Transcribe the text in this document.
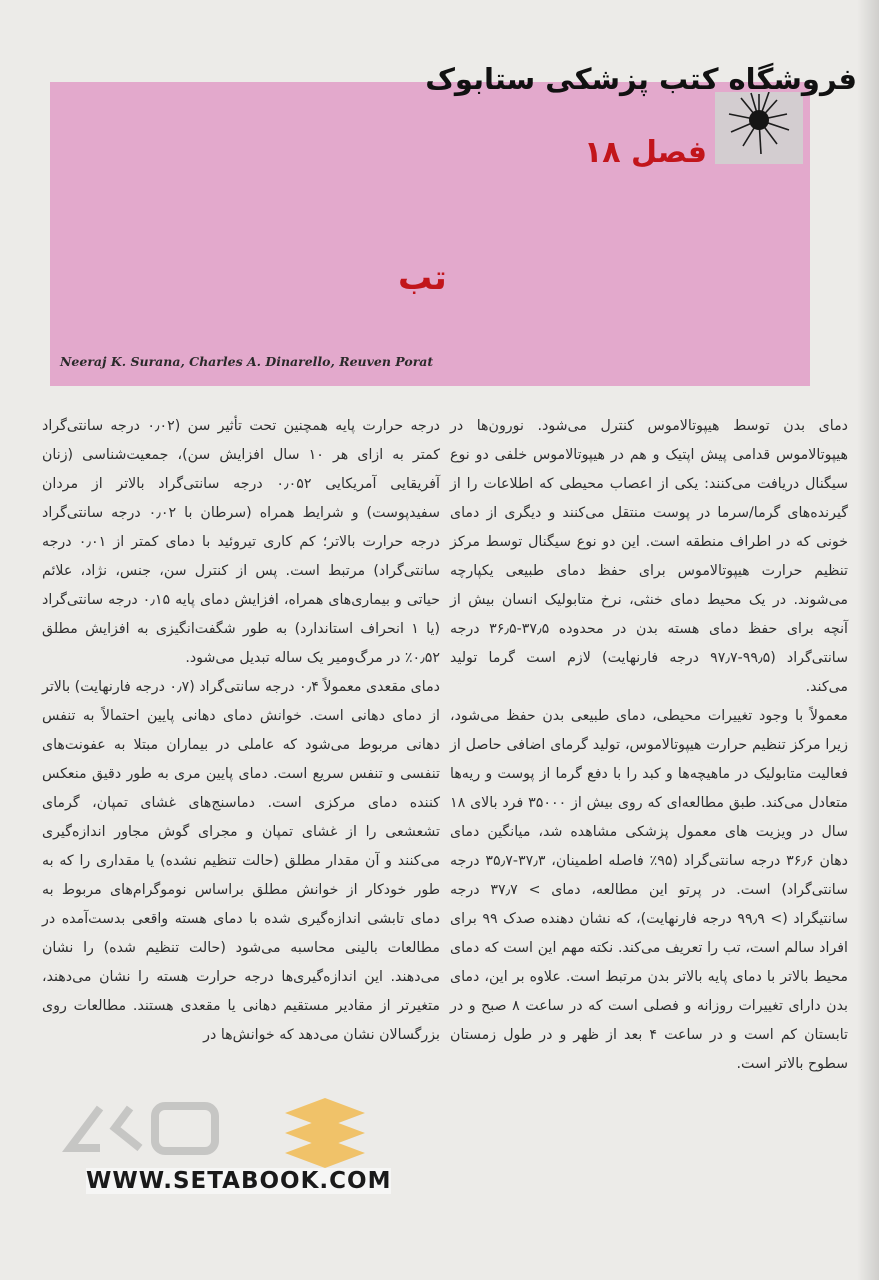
فروشگاه کتب پزشکی ستابوک
فصل ۱۸
تب
Neeraj K. Surana, Charles A. Dinarello, Reuven Porat

دمای بدن توسط هیپوتالاموس کنترل می‌شود. نورون‌ها در هیپوتالاموس قدامی پیش اپتیک و هم در هیپوتالاموس خلفی دو نوع سیگنال دریافت می‌کنند: یکی از اعصاب محیطی که اطلاعات را از گیرنده‌های گرما/سرما در پوست منتقل می‌کنند و دیگری از دمای خونی که در اطراف منطقه است. این دو نوع سیگنال توسط مرکز تنظیم حرارت هیپوتالاموس برای حفظ دمای طبیعی یکپارچه می‌شوند. در یک محیط دمای خنثی، نرخ متابولیک انسان بیش از آنچه برای حفظ دمای هسته بدن در محدوده ۳۷٫۵-۳۶٫۵ درجه سانتی‌گراد (۹۹٫۵-۹۷٫۷ درجه فارنهایت) لازم است گرما تولید می‌کند.

معمولاً با وجود تغییرات محیطی، دمای طبیعی بدن حفظ می‌شود، زیرا مرکز تنظیم حرارت هیپوتالاموس، تولید گرمای اضافی حاصل از فعالیت متابولیک در ماهیچه‌ها و کبد را با دفع گرما از پوست و ریه‌ها متعادل می‌کند. طبق مطالعه‌ای که روی بیش از ۳۵۰۰۰ فرد بالای ۱۸ سال در ویزیت های معمول پزشکی مشاهده شد، میانگین دمای دهان ۳۶٫۶ درجه سانتی‌گراد (۹۵٪ فاصله اطمینان، ۳۷٫۳-۳۵٫۷ درجه سانتی‌گراد) است. در پرتو این مطالعه، دمای > ۳۷٫۷ درجه سانتیگراد (> ۹۹٫۹ درجه فارنهایت)، که نشان دهنده صدک ۹۹ برای افراد سالم است، تب را تعریف می‌کند. نکته مهم این است که دمای محیط بالاتر با دمای پایه بالاتر بدن مرتبط است. علاوه بر این، دمای بدن دارای تغییرات روزانه و فصلی است که در ساعت ۸ صبح و در تابستان کم است و در ساعت ۴ بعد از ظهر و در طول زمستان سطوح بالاتر است.

درجه حرارت پایه همچنین تحت تأثیر سن (۰٫۰۲ درجه سانتی‌گراد کمتر به ازای هر ۱۰ سال افزایش سن)، جمعیت‌شناسی (زنان آفریقایی آمریکایی ۰٫۰۵۲ درجه سانتی‌گراد بالاتر از مردان سفیدپوست) و شرایط همراه (سرطان با ۰٫۰۲ درجه سانتی‌گراد درجه حرارت بالاتر؛ کم کاری تیروئید با دمای کمتر از ۰٫۰۱ درجه سانتی‌گراد) مرتبط است. پس از کنترل سن، جنس، نژاد، علائم حیاتی و بیماری‌های همراه، افزایش دمای پایه ۰٫۱۵ درجه سانتی‌گراد (یا ۱ انحراف استاندارد) به طور شگفت‌انگیزی به افزایش مطلق ۰٫۵۲٪ در مرگ‌ومیر یک ساله تبدیل می‌شود.

دمای مقعدی معمولاً ۰٫۴ درجه سانتی‌گراد (۰٫۷ درجه فارنهایت) بالاتر از دمای دهانی است. خوانش دمای دهانی پایین احتمالاً به تنفس دهانی مربوط می‌شود که عاملی در بیماران مبتلا به عفونت‌های تنفسی و تنفس سریع است. دمای پایین مری به طور دقیق منعکس کننده دمای مرکزی است. دماسنج‌های غشای تمپان، گرمای تشعشعی را از غشای تمپان و مجرای گوش مجاور اندازه‌گیری می‌کنند و آن مقدار مطلق (حالت تنظیم نشده) یا مقداری را که به طور خودکار از خوانش مطلق براساس نوموگرام‌های مربوط به دمای تابشی اندازه‌گیری شده با دمای هسته واقعی بدست‌آمده در مطالعات بالینی محاسبه می‌شود (حالت تنظیم شده) را نشان می‌دهند. این اندازه‌گیری‌ها درجه حرارت هسته را نشان می‌دهند، متغیرتر از مقادیر مستقیم دهانی یا مقعدی هستند. مطالعات روی بزرگسالان نشان می‌دهد که خوانش‌ها در

WWW.SETABOOK.COM
